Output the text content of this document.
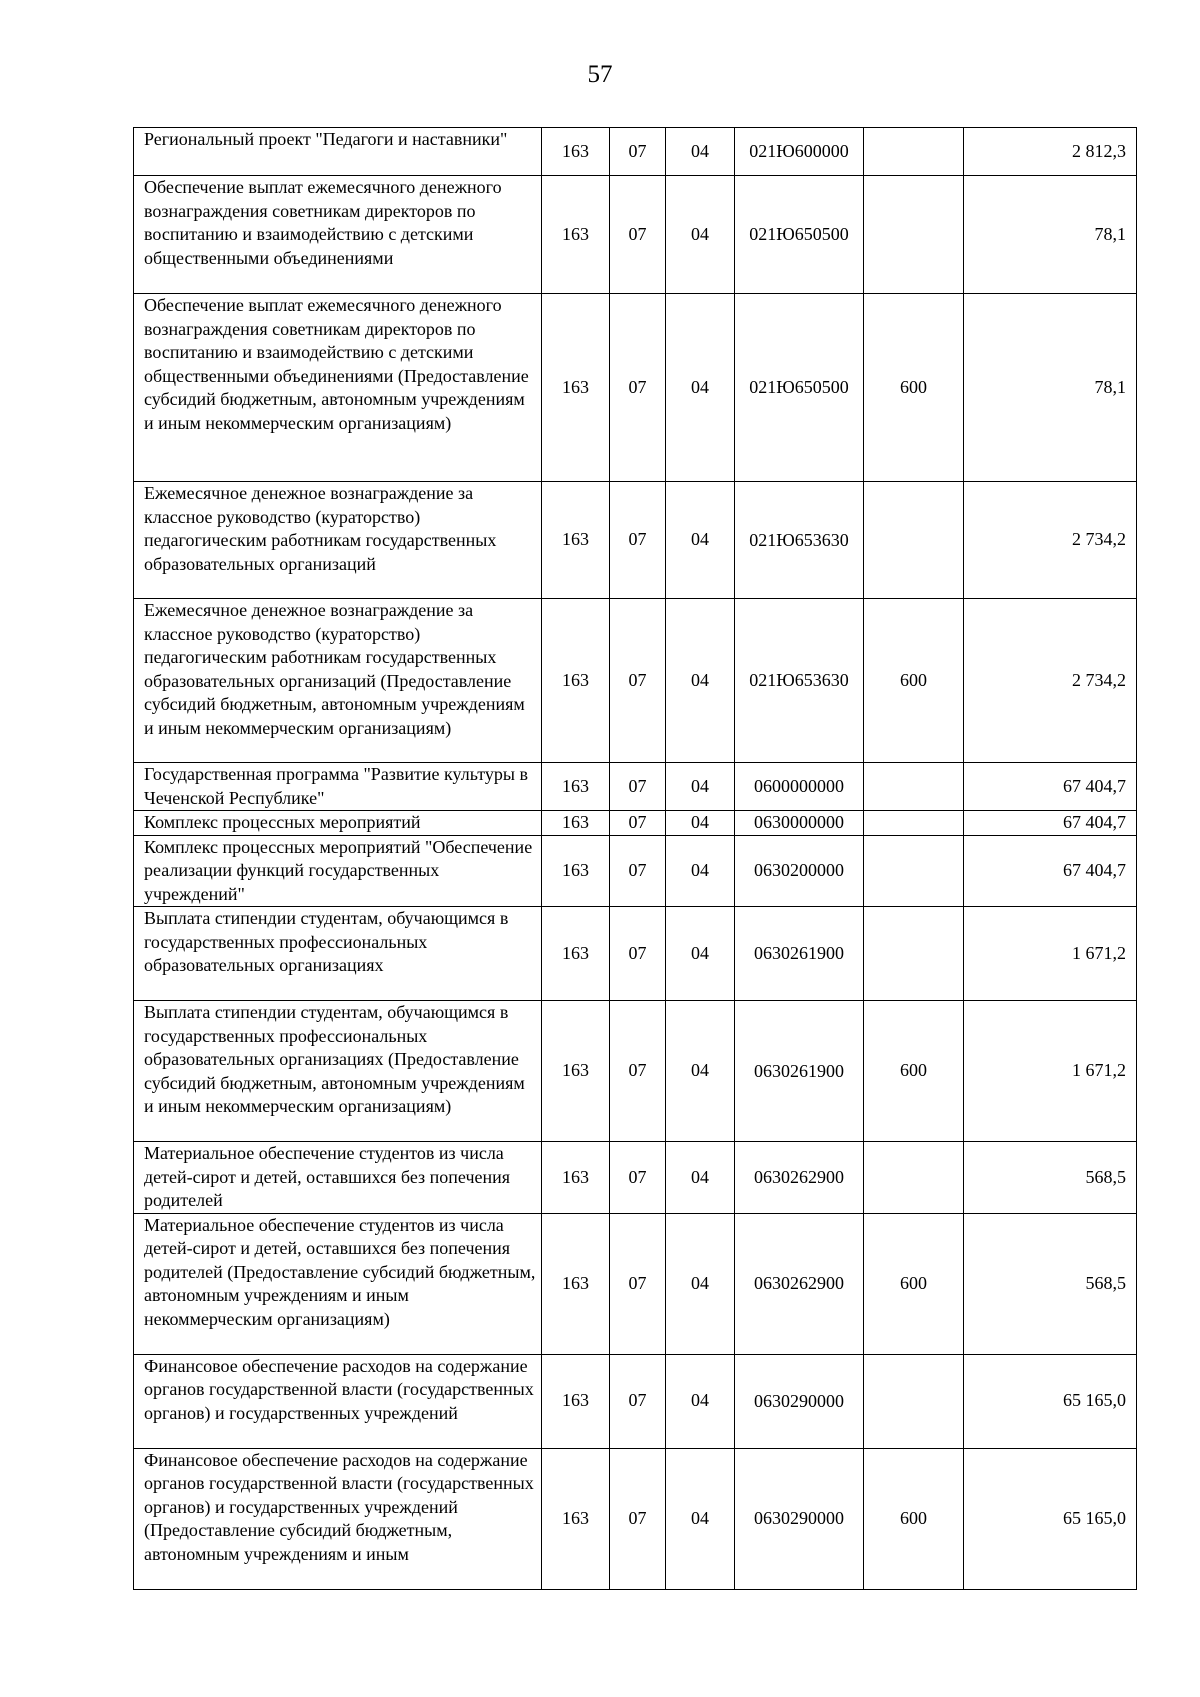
57
Региональный проект "Педагоги и наставники"	163	07	04	021Ю600000		2 812,3
Обеспечение выплат ежемесячного денежного вознаграждения советникам директоров по воспитанию и взаимодействию с детскими общественными объединениями	163	07	04	021Ю650500		78,1
Обеспечение выплат ежемесячного денежного вознаграждения советникам директоров по воспитанию и взаимодействию с детскими общественными объединениями (Предоставление субсидий бюджетным, автономным учреждениям и иным некоммерческим организациям)	163	07	04	021Ю650500	600	78,1
Ежемесячное денежное вознаграждение за классное руководство (кураторство) педагогическим работникам государственных образовательных организаций	163	07	04	021Ю653630		2 734,2
Ежемесячное денежное вознаграждение за классное руководство (кураторство) педагогическим работникам государственных образовательных организаций (Предоставление субсидий бюджетным, автономным учреждениям и иным некоммерческим организациям)	163	07	04	021Ю653630	600	2 734,2
Государственная программа "Развитие культуры в Чеченской Республике"	163	07	04	0600000000		67 404,7
Комплекс процессных мероприятий	163	07	04	0630000000		67 404,7
Комплекс процессных мероприятий "Обеспечение реализации функций государственных учреждений"	163	07	04	0630200000		67 404,7
Выплата стипендии студентам, обучающимся в государственных профессиональных образовательных организациях	163	07	04	0630261900		1 671,2
Выплата стипендии студентам, обучающимся в государственных профессиональных образовательных организациях (Предоставление субсидий бюджетным, автономным учреждениям и иным некоммерческим организациям)	163	07	04	0630261900	600	1 671,2
Материальное обеспечение студентов из числа детей-сирот и детей, оставшихся без попечения родителей	163	07	04	0630262900		568,5
Материальное обеспечение студентов из числа детей-сирот и детей, оставшихся без попечения родителей (Предоставление субсидий бюджетным, автономным учреждениям и иным некоммерческим организациям)	163	07	04	0630262900	600	568,5
Финансовое обеспечение расходов на содержание органов государственной власти (государственных органов) и государственных учреждений	163	07	04	0630290000		65 165,0
Финансовое обеспечение расходов на содержание органов государственной власти (государственных органов) и государственных учреждений (Предоставление субсидий бюджетным, автономным учреждениям и иным	163	07	04	0630290000	600	65 165,0
